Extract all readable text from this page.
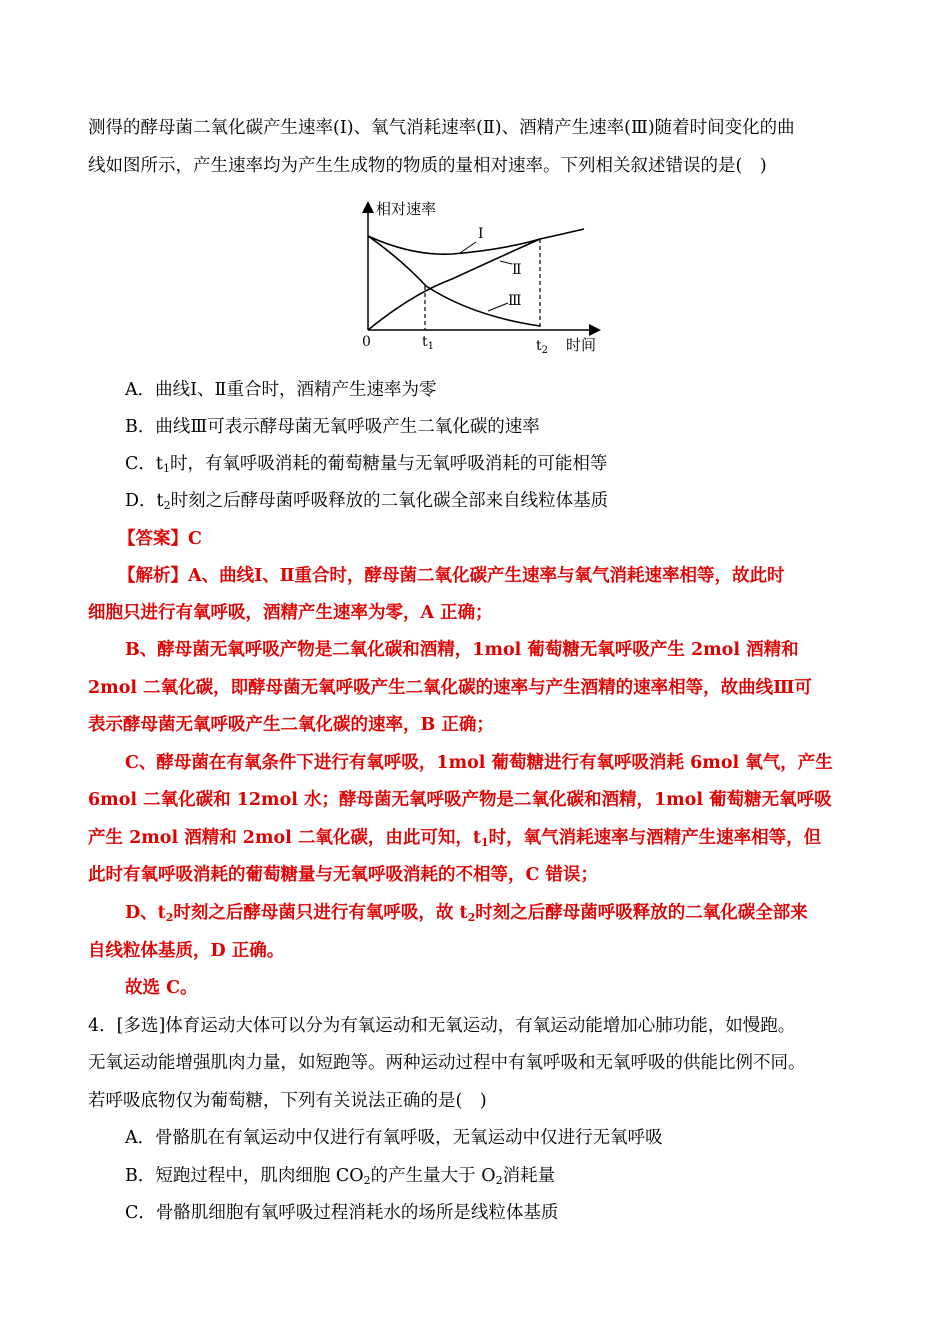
测得的酵母菌二氧化碳产生速率(Ⅰ)、氧气消耗速率(Ⅱ)、酒精产生速率(Ⅲ)随着时间变化的曲
线如图所示，产生速率均为产生生成物的物质的量相对速率。下列相关叙述错误的是(　)
相对速率
时间
0	$t_1$	$t_2$
Ⅰ
Ⅱ
Ⅲ
A．曲线Ⅰ、Ⅱ重合时，酒精产生速率为零
B．曲线Ⅲ可表示酵母菌无氧呼吸产生二氧化碳的速率
C．$t_1$时，有氧呼吸消耗的葡萄糖量与无氧呼吸消耗的可能相等
D．$t_2$时刻之后酵母菌呼吸释放的二氧化碳全部来自线粒体基质
【答案】C
【解析】A、曲线Ⅰ、Ⅱ重合时，酵母菌二氧化碳产生速率与氧气消耗速率相等，故此时
细胞只进行有氧呼吸，酒精产生速率为零，A 正确；
B、酵母菌无氧呼吸产物是二氧化碳和酒精，1mol 葡萄糖无氧呼吸产生 2mol 酒精和
2mol 二氧化碳，即酵母菌无氧呼吸产生二氧化碳的速率与产生酒精的速率相等，故曲线Ⅲ可
表示酵母菌无氧呼吸产生二氧化碳的速率，B 正确；
C、酵母菌在有氧条件下进行有氧呼吸，1mol 葡萄糖进行有氧呼吸消耗 6mol 氧气，产生
6mol 二氧化碳和 12mol 水；酵母菌无氧呼吸产物是二氧化碳和酒精，1mol 葡萄糖无氧呼吸
产生 2mol 酒精和 2mol 二氧化碳，由此可知，$t_1$时，氧气消耗速率与酒精产生速率相等，但
此时有氧呼吸消耗的葡萄糖量与无氧呼吸消耗的不相等，C 错误；
D、$t_2$时刻之后酵母菌只进行有氧呼吸，故 $t_2$时刻之后酵母菌呼吸释放的二氧化碳全部来
自线粒体基质，D 正确。
故选 C。
4．[多选]体育运动大体可以分为有氧运动和无氧运动，有氧运动能增加心肺功能，如慢跑。
无氧运动能增强肌肉力量，如短跑等。两种运动过程中有氧呼吸和无氧呼吸的供能比例不同。
若呼吸底物仅为葡萄糖，下列有关说法正确的是(　)
A．骨骼肌在有氧运动中仅进行有氧呼吸，无氧运动中仅进行无氧呼吸
B．短跑过程中，肌肉细胞 $CO_2$的产生量大于 $O_2$消耗量
C．骨骼肌细胞有氧呼吸过程消耗水的场所是线粒体基质
